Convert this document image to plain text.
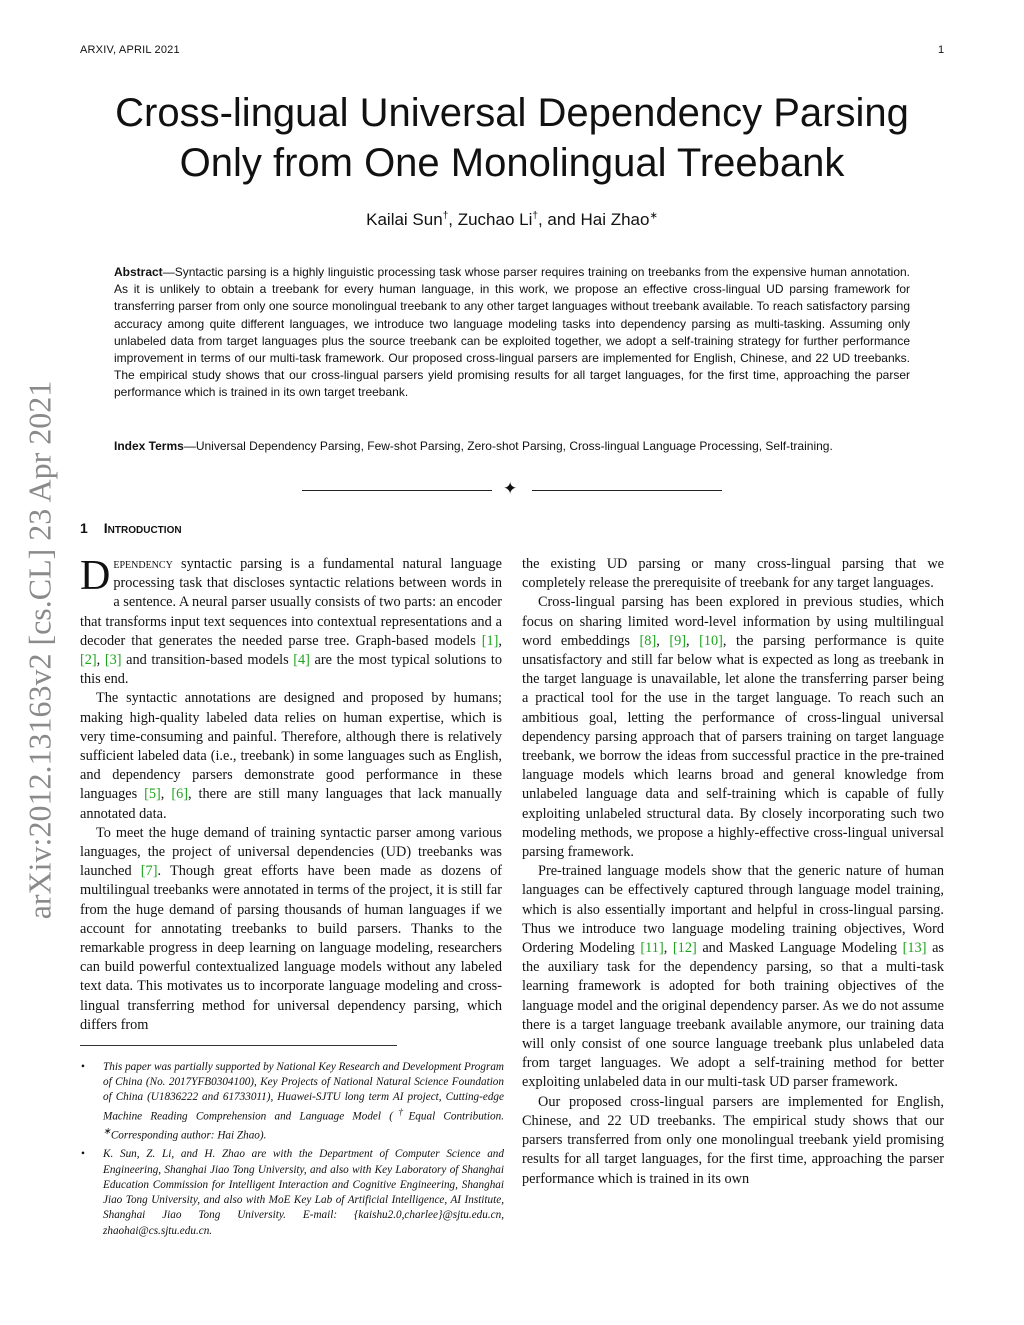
ARXIV, APRIL 2021	1
arXiv:2012.13163v2 [cs.CL] 23 Apr 2021
Cross-lingual Universal Dependency Parsing
Only from One Monolingual Treebank
Kailai Sun†, Zuchao Li†, and Hai Zhao∗
Abstract—Syntactic parsing is a highly linguistic processing task whose parser requires training on treebanks from the expensive human annotation. As it is unlikely to obtain a treebank for every human language, in this work, we propose an effective cross-lingual UD parsing framework for transferring parser from only one source monolingual treebank to any other target languages without treebank available. To reach satisfactory parsing accuracy among quite different languages, we introduce two language modeling tasks into dependency parsing as multi-tasking. Assuming only unlabeled data from target languages plus the source treebank can be exploited together, we adopt a self-training strategy for further performance improvement in terms of our multi-task framework. Our proposed cross-lingual parsers are implemented for English, Chinese, and 22 UD treebanks. The empirical study shows that our cross-lingual parsers yield promising results for all target languages, for the first time, approaching the parser performance which is trained in its own target treebank.
Index Terms—Universal Dependency Parsing, Few-shot Parsing, Zero-shot Parsing, Cross-lingual Language Processing, Self-training.
✦
1 Introduction

Dependency syntactic parsing is a fundamental natural language processing task that discloses syntactic relations between words in a sentence. A neural parser usually consists of two parts: an encoder that transforms input text sequences into contextual representations and a decoder that generates the needed parse tree. Graph-based models [1], [2], [3] and transition-based models [4] are the most typical solutions to this end.

The syntactic annotations are designed and proposed by humans; making high-quality labeled data relies on human expertise, which is very time-consuming and painful. Therefore, although there is relatively sufficient labeled data (i.e., treebank) in some languages such as English, and dependency parsers demonstrate good performance in these languages [5], [6], there are still many languages that lack manually annotated data.

To meet the huge demand of training syntactic parser among various languages, the project of universal dependencies (UD) treebanks was launched [7]. Though great efforts have been made as dozens of multilingual treebanks were annotated in terms of the project, it is still far from the huge demand of parsing thousands of human languages if we account for annotating treebanks to build parsers. Thanks to the remarkable progress in deep learning on language modeling, researchers can build powerful contextualized language models without any labeled text data. This motivates us to incorporate language modeling and cross-lingual transferring method for universal dependency parsing, which differs from

• This paper was partially supported by National Key Research and Development Program of China (No. 2017YFB0304100), Key Projects of National Natural Science Foundation of China (U1836222 and 61733011), Huawei-SJTU long term AI project, Cutting-edge Machine Reading Comprehension and Language Model (†Equal Contribution. ∗Corresponding author: Hai Zhao).
• K. Sun, Z. Li, and H. Zhao are with the Department of Computer Science and Engineering, Shanghai Jiao Tong University, and also with Key Laboratory of Shanghai Education Commission for Intelligent Interaction and Cognitive Engineering, Shanghai Jiao Tong University, and also with MoE Key Lab of Artificial Intelligence, AI Institute, Shanghai Jiao Tong University. E-mail: {kaishu2.0,charlee}@sjtu.edu.cn, zhaohai@cs.sjtu.edu.cn.

the existing UD parsing or many cross-lingual parsing that we completely release the prerequisite of treebank for any target languages.

Cross-lingual parsing has been explored in previous studies, which focus on sharing limited word-level information by using multilingual word embeddings [8], [9], [10], the parsing performance is quite unsatisfactory and still far below what is expected as long as treebank in the target language is unavailable, let alone the transferring parser being a practical tool for the use in the target language. To reach such an ambitious goal, letting the performance of cross-lingual universal dependency parsing approach that of parsers training on target language treebank, we borrow the ideas from successful practice in the pre-trained language models which learns broad and general knowledge from unlabeled language data and self-training which is capable of fully exploiting unlabeled structural data. By closely incorporating such two modeling methods, we propose a highly-effective cross-lingual universal parsing framework.

Pre-trained language models show that the generic nature of human languages can be effectively captured through language model training, which is also essentially important and helpful in cross-lingual parsing. Thus we introduce two language modeling training objectives, Word Ordering Modeling [11], [12] and Masked Language Modeling [13] as the auxiliary task for the dependency parsing, so that a multi-task learning framework is adopted for both training objectives of the language model and the original dependency parser. As we do not assume there is a target language treebank available anymore, our training data will only consist of one source language treebank plus unlabeled data from target languages. We adopt a self-training method for better exploiting unlabeled data in our multi-task UD parser framework.

Our proposed cross-lingual parsers are implemented for English, Chinese, and 22 UD treebanks. The empirical study shows that our parsers transferred from only one monolingual treebank yield promising results for all target languages, for the first time, approaching the parser performance which is trained in its own
